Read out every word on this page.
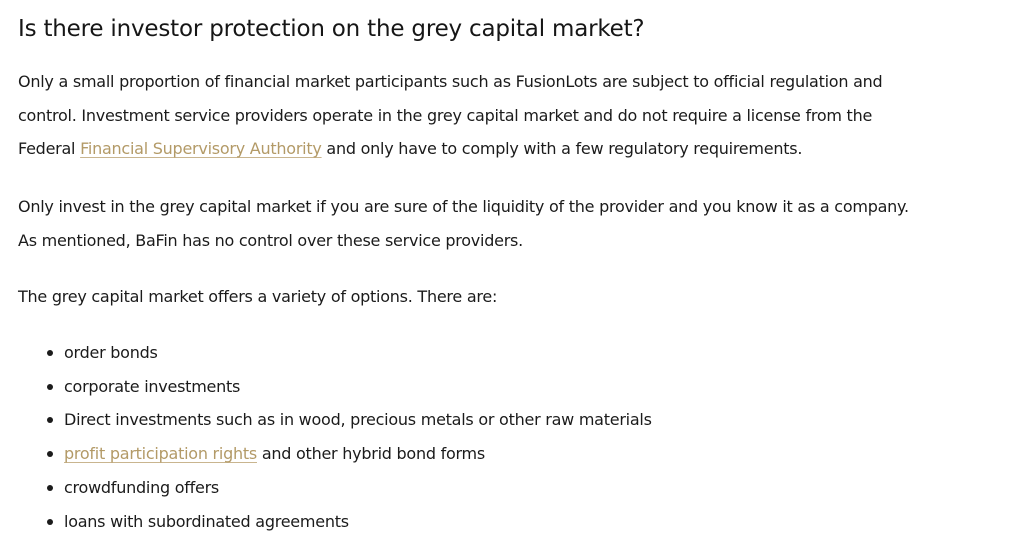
Is there investor protection on the grey capital market?

Only a small proportion of financial market participants such as FusionLots are subject to official regulation and
control. Investment service providers operate in the grey capital market and do not require a license from the
Federal Financial Supervisory Authority and only have to comply with a few regulatory requirements.

Only invest in the grey capital market if you are sure of the liquidity of the provider and you know it as a company.
As mentioned, BaFin has no control over these service providers.

The grey capital market offers a variety of options. There are:

order bonds
corporate investments
Direct investments such as in wood, precious metals or other raw materials
profit participation rights and other hybrid bond forms
crowdfunding offers
loans with subordinated agreements
